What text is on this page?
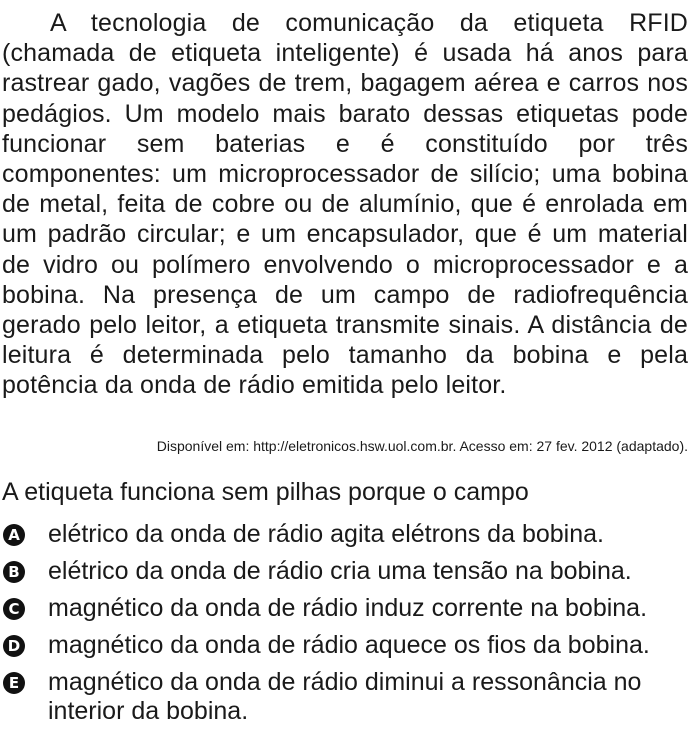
A tecnologia de comunicação da etiqueta RFID (chamada de etiqueta inteligente) é usada há anos para rastrear gado, vagões de trem, bagagem aérea e carros nos pedágios. Um modelo mais barato dessas etiquetas pode funcionar sem baterias e é constituído por três componentes: um microprocessador de silício; uma bobina de metal, feita de cobre ou de alumínio, que é enrolada em um padrão circular; e um encapsulador, que é um material de vidro ou polímero envolvendo o microprocessador e a bobina. Na presença de um campo de radiofrequência gerado pelo leitor, a etiqueta transmite sinais. A distância de leitura é determinada pelo tamanho da bobina e pela potência da onda de rádio emitida pelo leitor.

Disponível em: http://eletronicos.hsw.uol.com.br. Acesso em: 27 fev. 2012 (adaptado).

A etiqueta funciona sem pilhas porque o campo

A elétrico da onda de rádio agita elétrons da bobina.
B elétrico da onda de rádio cria uma tensão na bobina.
C magnético da onda de rádio induz corrente na bobina.
D magnético da onda de rádio aquece os fios da bobina.
E magnético da onda de rádio diminui a ressonância no interior da bobina.
